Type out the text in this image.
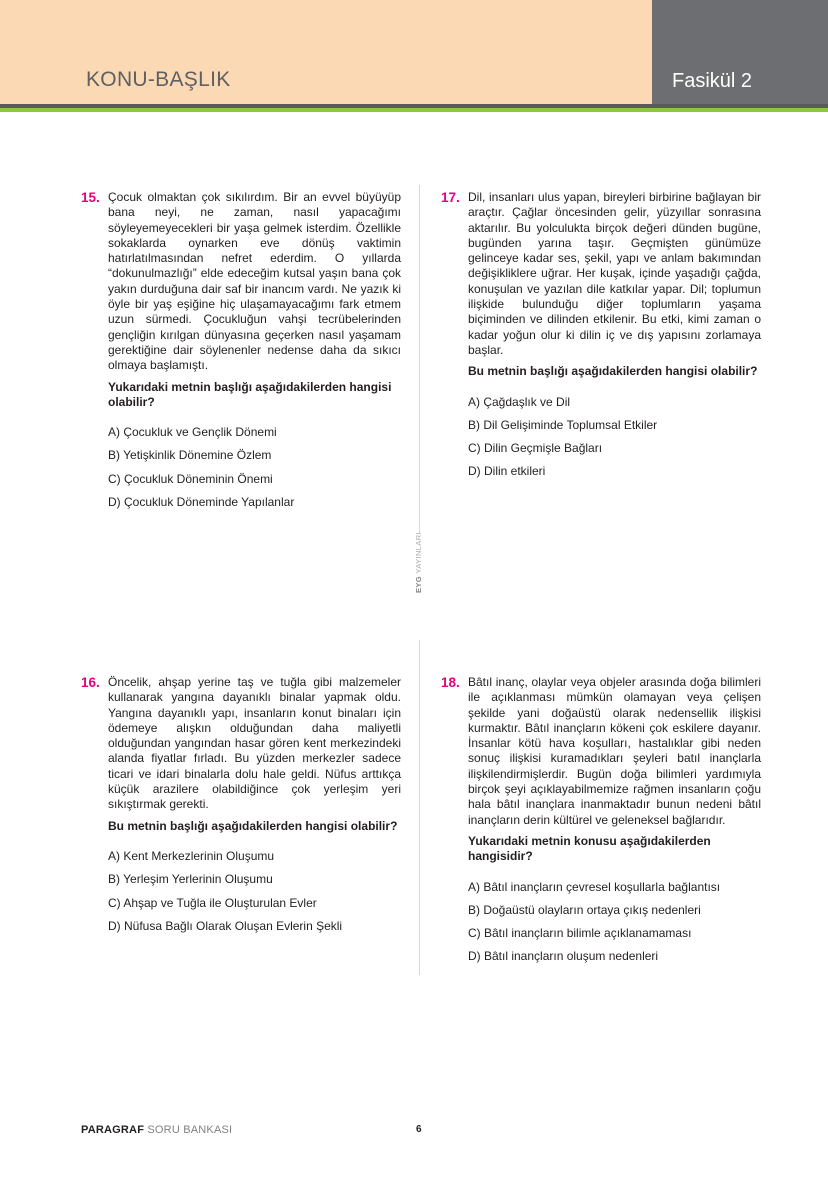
KONU-BAŞLIK	Fasikül 2
EYG YAYINLARI
15. Çocuk olmaktan çok sıkılırdım. Bir an evvel büyüyüp bana neyi, ne zaman, nasıl yapacağımı söyleyemeyecekleri bir yaşa gelmek isterdim. Özellikle sokaklarda oynarken eve dönüş vaktimin hatırlatılmasından nefret ederdim. O yıllarda “dokunulmazlığı” elde edeceğim kutsal yaşın bana çok yakın durduğuna dair saf bir inancım vardı. Ne yazık ki öyle bir yaş eşiğine hiç ulaşamayacağımı fark etmem uzun sürmedi. Çocukluğun vahşi tecrübelerinden gençliğin kırılgan dünyasına geçerken nasıl yaşamam gerektiğine dair söylenenler nedense daha da sıkıcı olmaya başlamıştı.
Yukarıdaki metnin başlığı aşağıdakilerden hangisi olabilir?
A) Çocukluk ve Gençlik Dönemi
B) Yetişkinlik Dönemine Özlem
C) Çocukluk Döneminin Önemi
D) Çocukluk Döneminde Yapılanlar
16. Öncelik, ahşap yerine taş ve tuğla gibi malzemeler kullanarak yangına dayanıklı binalar yapmak oldu. Yangına dayanıklı yapı, insanların konut binaları için ödemeye alışkın olduğundan daha maliyetli olduğundan yangından hasar gören kent merkezindeki alanda fiyatlar fırladı. Bu yüzden merkezler sadece ticari ve idari binalarla dolu hale geldi. Nüfus arttıkça küçük arazilere olabildiğince çok yerleşim yeri sıkıştırmak gerekti.
Bu metnin başlığı aşağıdakilerden hangisi olabilir?
A) Kent Merkezlerinin Oluşumu
B) Yerleşim Yerlerinin Oluşumu
C) Ahşap ve Tuğla ile Oluşturulan Evler
D) Nüfusa Bağlı Olarak Oluşan Evlerin Şekli
17. Dil, insanları ulus yapan, bireyleri birbirine bağlayan bir araçtır. Çağlar öncesinden gelir, yüzyıllar sonrasına aktarılır. Bu yolculukta birçok değeri dünden bugüne, bugünden yarına taşır. Geçmişten günümüze gelinceye kadar ses, şekil, yapı ve anlam bakımından değişikliklere uğrar. Her kuşak, içinde yaşadığı çağda, konuşulan ve yazılan dile katkılar yapar. Dil; toplumun ilişkide bulunduğu diğer toplumların yaşama biçiminden ve dilinden etkilenir. Bu etki, kimi zaman o kadar yoğun olur ki dilin iç ve dış yapısını zorlamaya başlar.
Bu metnin başlığı aşağıdakilerden hangisi olabilir?
A) Çağdaşlık ve Dil
B) Dil Gelişiminde Toplumsal Etkiler
C) Dilin Geçmişle Bağları
D) Dilin etkileri
18. Bâtıl inanç, olaylar veya objeler arasında doğa bilimleri ile açıklanması mümkün olamayan veya çelişen şekilde yani doğaüstü olarak nedensellik ilişkisi kurmaktır. Bâtıl inançların kökeni çok eskilere dayanır. İnsanlar kötü hava koşulları, hastalıklar gibi neden sonuç ilişkisi kuramadıkları şeyleri batıl inançlarla ilişkilendirmişlerdir. Bugün doğa bilimleri yardımıyla birçok şeyi açıklayabilmemize rağmen insanların çoğu hala bâtıl inançlara inanmaktadır bunun nedeni bâtıl inançların derin kültürel ve geleneksel bağlarıdır.
Yukarıdaki metnin konusu aşağıdakilerden hangisidir?
A) Bâtıl inançların çevresel koşullarla bağlantısı
B) Doğaüstü olayların ortaya çıkış nedenleri
C) Bâtıl inançların bilimle açıklanamaması
D) Bâtıl inançların oluşum nedenleri
PARAGRAF SORU BANKASI	6
